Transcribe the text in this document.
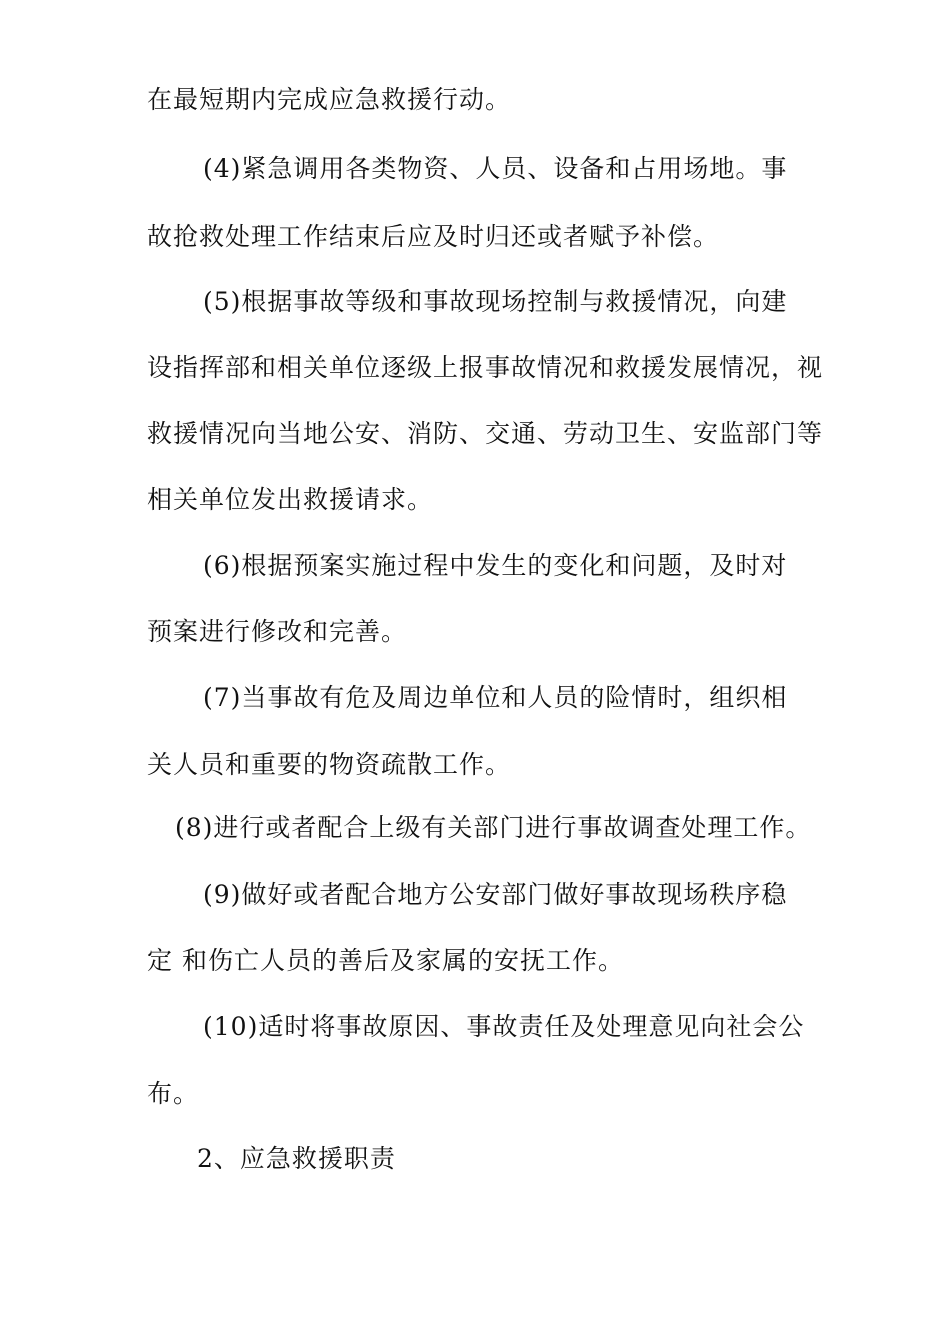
在最短期内完成应急救援行动。
(4)紧急调用各类物资、人员、设备和占用场地。事
故抢救处理工作结束后应及时归还或者赋予补偿。
(5)根据事故等级和事故现场控制与救援情况，向建
设指挥部和相关单位逐级上报事故情况和救援发展情况，视
救援情况向当地公安、消防、交通、劳动卫生、安监部门等
相关单位发出救援请求。
(6)根据预案实施过程中发生的变化和问题，及时对
预案进行修改和完善。
(7)当事故有危及周边单位和人员的险情时，组织相
关人员和重要的物资疏散工作。
(8)进行或者配合上级有关部门进行事故调查处理工作。
(9)做好或者配合地方公安部门做好事故现场秩序稳
定 和伤亡人员的善后及家属的安抚工作。
(10)适时将事故原因、事故责任及处理意见向社会公
布。
2、应急救援职责
